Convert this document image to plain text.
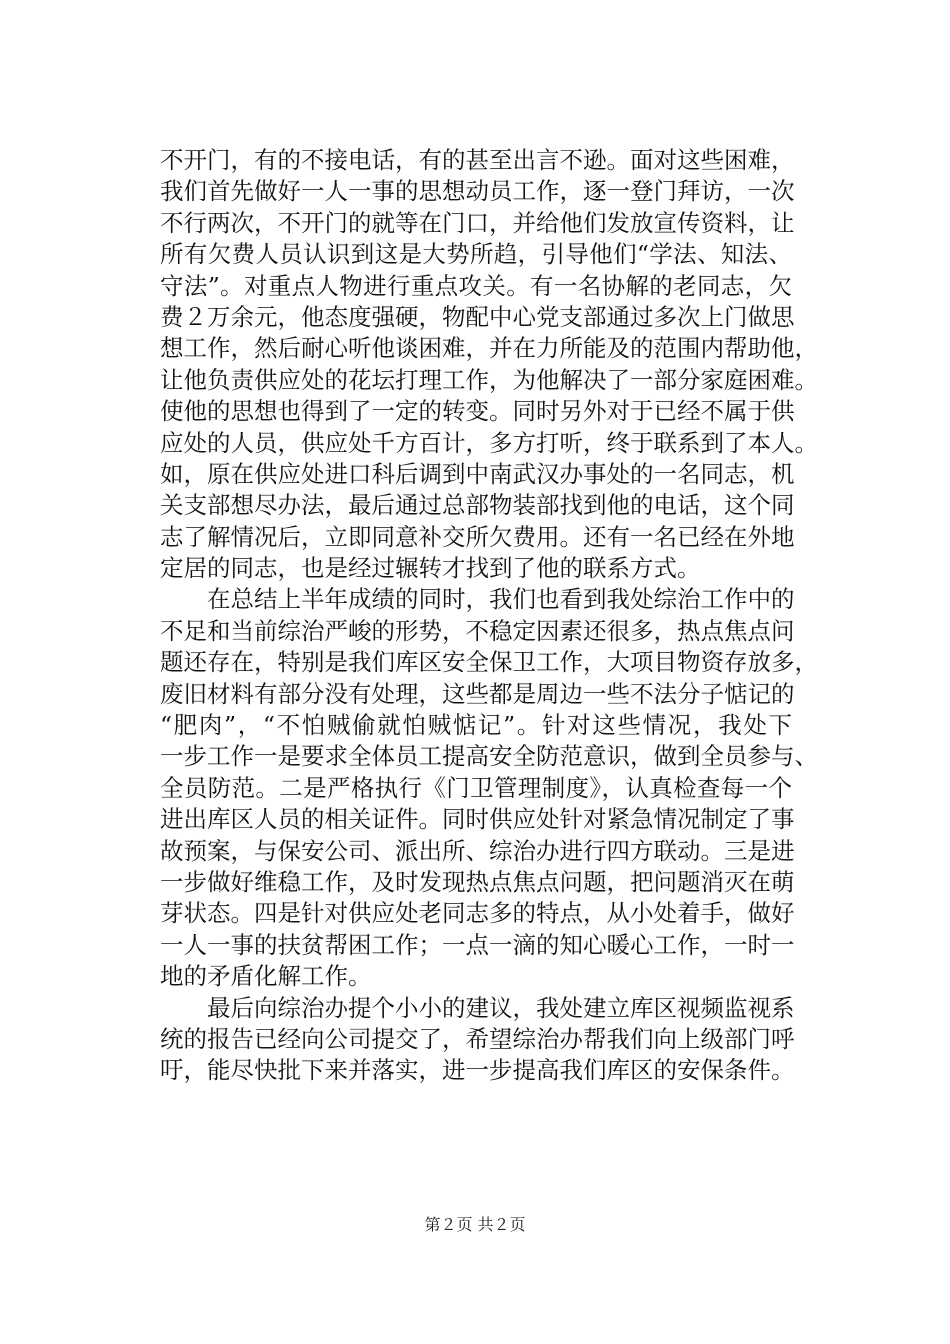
不开门，有的不接电话，有的甚至出言不逊。面对这些困难，
我们首先做好一人一事的思想动员工作，逐一登门拜访，一次
不行两次，不开门的就等在门口，并给他们发放宣传资料，让
所有欠费人员认识到这是大势所趋，引导他们“学法、知法、
守法”。对重点人物进行重点攻关。有一名协解的老同志，欠
费２万余元，他态度强硬，物配中心党支部通过多次上门做思
想工作，然后耐心听他谈困难，并在力所能及的范围内帮助他，
让他负责供应处的花坛打理工作，为他解决了一部分家庭困难。
使他的思想也得到了一定的转变。同时另外对于已经不属于供
应处的人员，供应处千方百计，多方打听，终于联系到了本人。
如，原在供应处进口科后调到中南武汉办事处的一名同志，机
关支部想尽办法，最后通过总部物装部找到他的电话，这个同
志了解情况后，立即同意补交所欠费用。还有一名已经在外地
定居的同志，也是经过辗转才找到了他的联系方式。
在总结上半年成绩的同时，我们也看到我处综治工作中的
不足和当前综治严峻的形势，不稳定因素还很多，热点焦点问
题还存在，特别是我们库区安全保卫工作，大项目物资存放多，
废旧材料有部分没有处理，这些都是周边一些不法分子惦记的
“肥肉”，“不怕贼偷就怕贼惦记”。针对这些情况，我处下
一步工作一是要求全体员工提高安全防范意识，做到全员参与、
全员防范。二是严格执行《门卫管理制度》，认真检查每一个
进出库区人员的相关证件。同时供应处针对紧急情况制定了事
故预案，与保安公司、派出所、综治办进行四方联动。三是进
一步做好维稳工作，及时发现热点焦点问题，把问题消灭在萌
芽状态。四是针对供应处老同志多的特点，从小处着手，做好
一人一事的扶贫帮困工作；一点一滴的知心暖心工作，一时一
地的矛盾化解工作。
最后向综治办提个小小的建议，我处建立库区视频监视系
统的报告已经向公司提交了，希望综治办帮我们向上级部门呼
吁，能尽快批下来并落实，进一步提高我们库区的安保条件。
第２页 共２页
